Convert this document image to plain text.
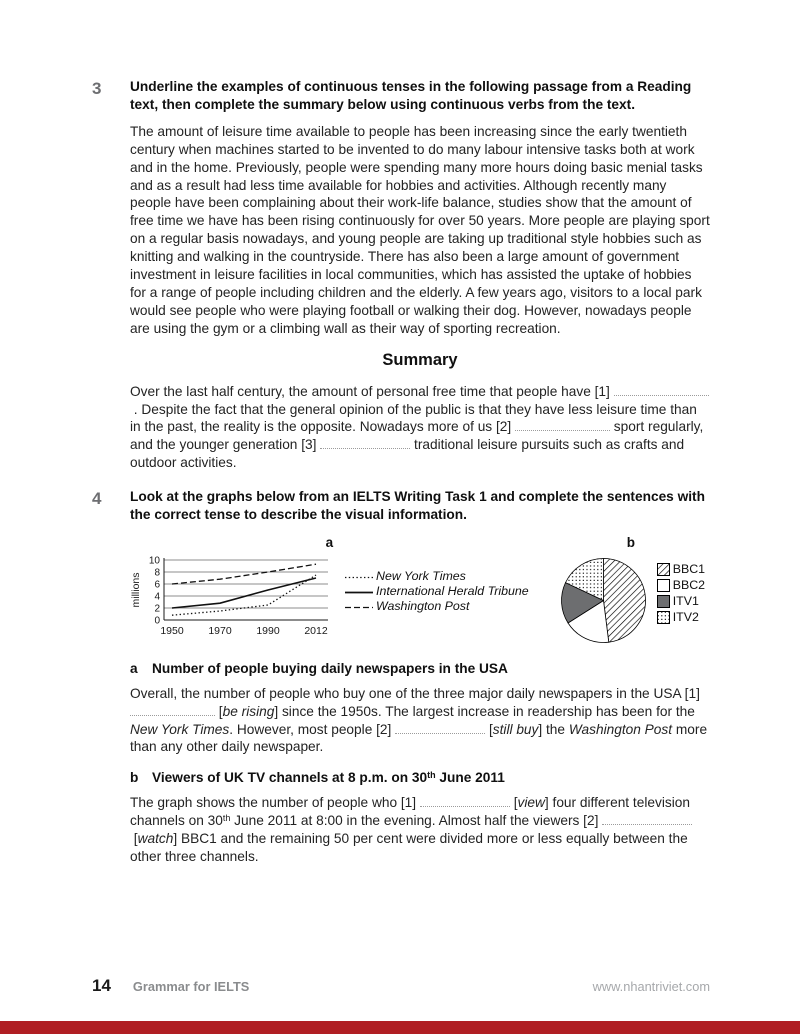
3	Underline the examples of continuous tenses in the following passage from a Reading text, then complete the summary below using continuous verbs from the text.

The amount of leisure time available to people has been increasing since the early twentieth century when machines started to be invented to do many labour intensive tasks both at work and in the home. Previously, people were spending many more hours doing basic menial tasks and as a result had less time available for hobbies and activities. Although recently many people have been complaining about their work-life balance, studies show that the amount of free time we have has been rising continuously for over 50 years. More people are playing sport on a regular basis nowadays, and young people are taking up traditional style hobbies such as knitting and walking in the countryside. There has also been a large amount of government investment in leisure facilities in local communities, which has assisted the uptake of hobbies for a range of people including children and the elderly. A few years ago, visitors to a local park would see people who were playing football or walking their dog. However, nowadays people are using the gym or a climbing wall as their way of sporting recreation.

Summary

Over the last half century, the amount of personal free time that people have [1]  . Despite the fact that the general opinion of the public is that they have less leisure time than in the past, the reality is the opposite. Nowadays more of us [2]	sport regularly, and the younger generation [3]	traditional leisure pursuits such as crafts and outdoor activities.

4	Look at the graphs below from an IELTS Writing Task 1 and complete the sentences with the correct tense to describe the visual information.

a
0
2
4
6
8
10
millions
1950 1970 1990 2012
New York Times
International Herald Tribune
Washington Post
b
BBC1
BBC2
ITV1
ITV2
a	Number of people buying daily newspapers in the USA

Overall, the number of people who buy one of the three major daily newspapers in the USA [1]  [be rising] since the 1950s. The largest increase in readership has been for the New York Times. However, most people [2]	[still buy] the Washington Post more than any other daily newspaper.

b Viewers of UK TV channels at 8 p.m. on 30th June 2011

The graph shows the number of people who [1]	[view] four different television channels on 30th June 2011 at 8:00 in the evening. Almost half the viewers [2]  [watch] BBC1 and the remaining 50 per cent were divided more or less equally between the other three channels.

14 Grammar for IELTS	www.nhantriviet.com
